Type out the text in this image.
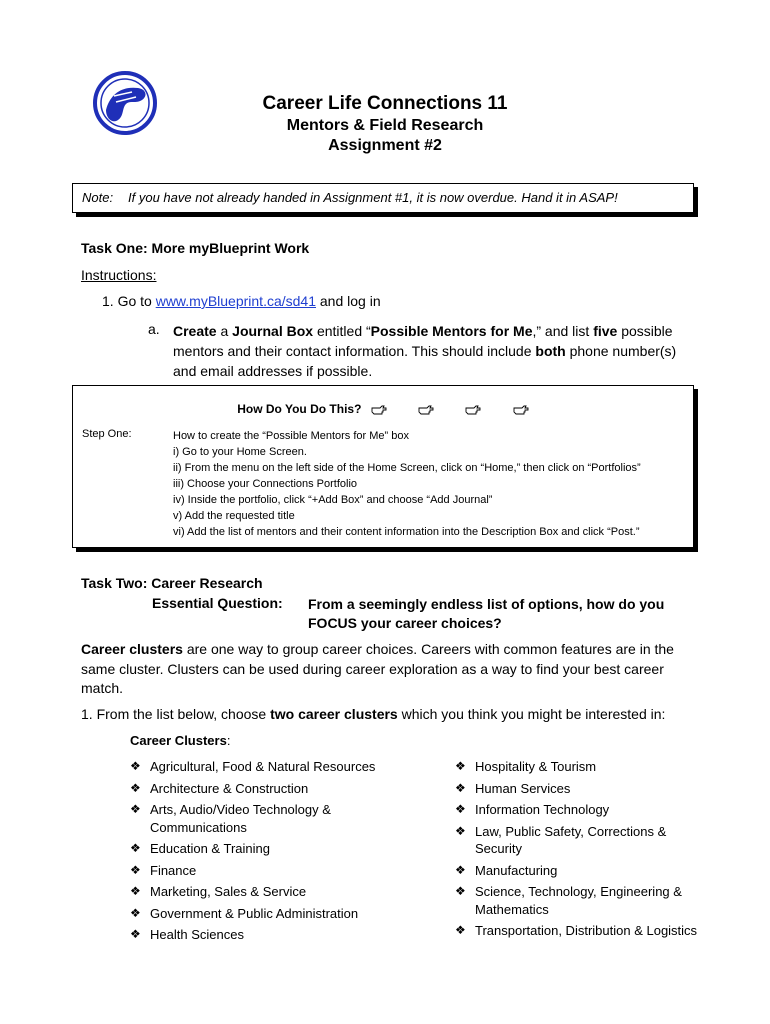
Career Life Connections 11
Mentors & Field Research
Assignment #2
Note: If you have not already handed in Assignment #1, it is now overdue. Hand it in ASAP!
Task One: More myBlueprint Work
Instructions:
1. Go to www.myBlueprint.ca/sd41 and log in
a. Create a Journal Box entitled “Possible Mentors for Me,” and list five possible mentors and their contact information. This should include both phone number(s) and email addresses if possible.
How Do You Do This?
Step One:	How to create the “Possible Mentors for Me” box
i) Go to your Home Screen.
ii) From the menu on the left side of the Home Screen, click on “Home,” then click on “Portfolios”
iii) Choose your Connections Portfolio
iv) Inside the portfolio, click “+Add Box” and choose “Add Journal”
v) Add the requested title
vi) Add the list of mentors and their content information into the Description Box and click “Post.”
Task Two: Career Research
Essential Question: From a seemingly endless list of options, how do you
FOCUS your career choices?
Career clusters are one way to group career choices. Careers with common features are in the same cluster. Clusters can be used during career exploration as a way to find your best career match.
1. From the list below, choose two career clusters which you think you might be interested in:
Career Clusters:
❖ Agricultural, Food & Natural Resources
❖ Architecture & Construction
❖ Arts, Audio/Video Technology & Communications
❖ Education & Training
❖ Finance
❖ Marketing, Sales & Service
❖ Government & Public Administration
❖ Health Sciences
❖ Hospitality & Tourism
❖ Human Services
❖ Information Technology
❖ Law, Public Safety, Corrections & Security
❖ Manufacturing
❖ Science, Technology, Engineering & Mathematics
❖ Transportation, Distribution & Logistics
